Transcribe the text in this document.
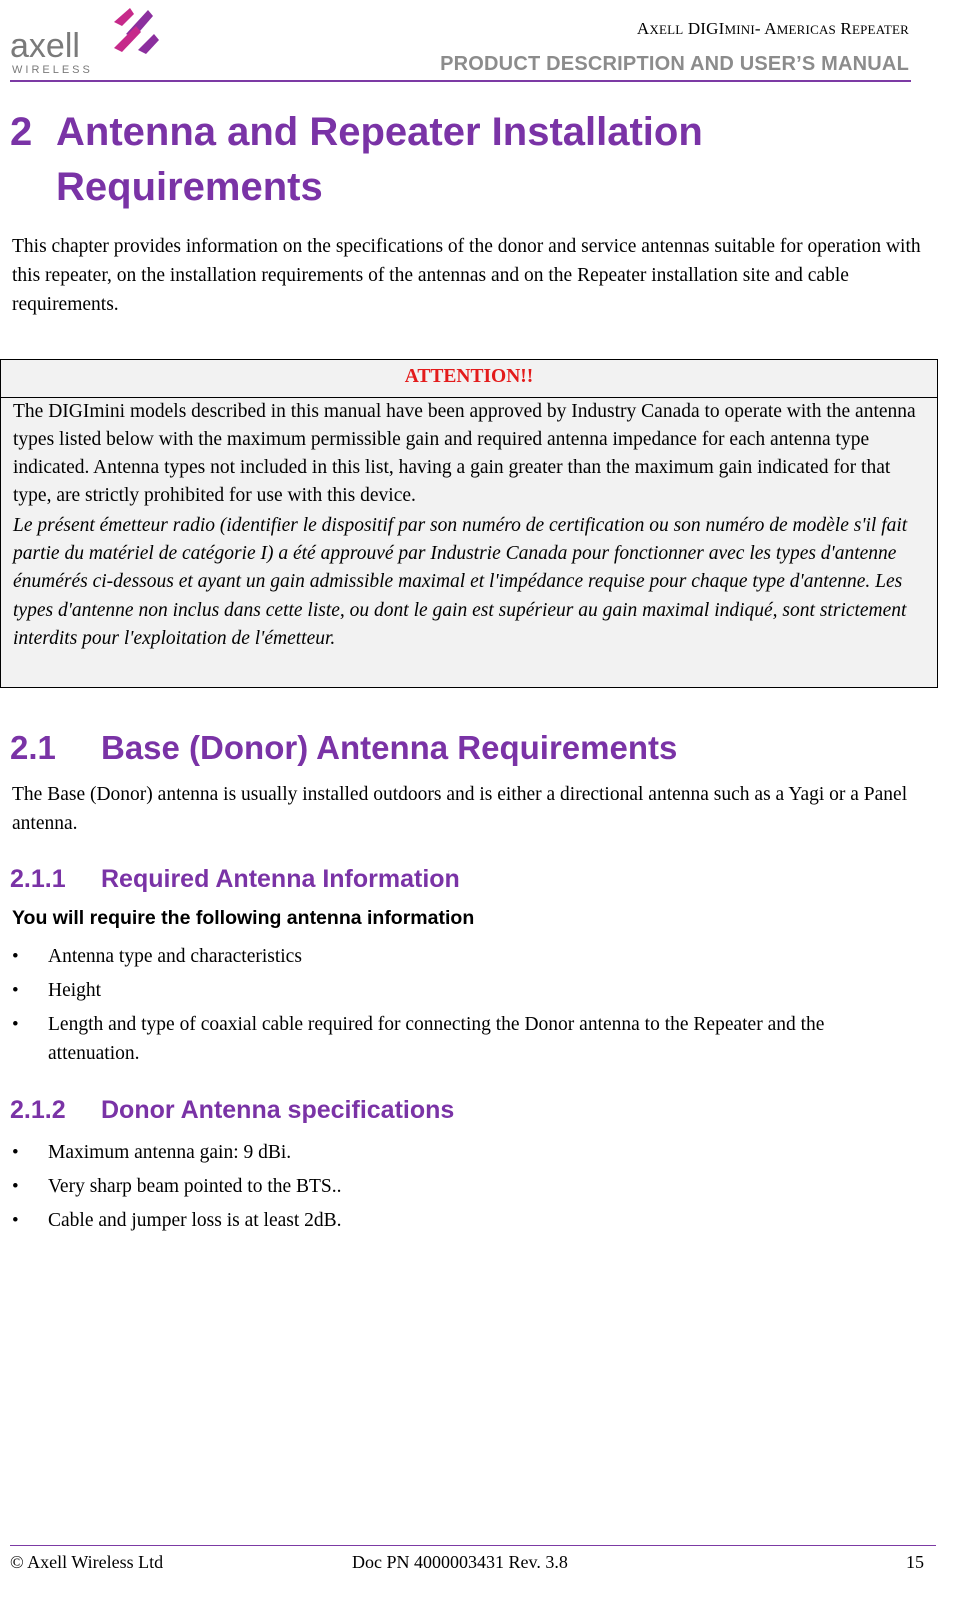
axell
WIRELESS
AXELL DIGIMINI- AMERICAS REPEATER
PRODUCT DESCRIPTION AND USER’S MANUAL
2 Antenna and Repeater Installation
Requirements
This chapter provides information on the specifications of the donor and service antennas suitable for operation with this repeater, on the installation requirements of the antennas and on the Repeater installation site and cable requirements.
ATTENTION!!
The DIGImini models described in this manual have been approved by Industry Canada to operate with the antenna types listed below with the maximum permissible gain and required antenna impedance for each antenna type indicated. Antenna types not included in this list, having a gain greater than the maximum gain indicated for that type, are strictly prohibited for use with this device.
Le présent émetteur radio (identifier le dispositif par son numéro de certification ou son numéro de modèle s'il fait partie du matériel de catégorie I) a été approuvé par Industrie Canada pour fonctionner avec les types d'antenne énumérés ci-dessous et ayant un gain admissible maximal et l'impédance requise pour chaque type d'antenne. Les types d'antenne non inclus dans cette liste, ou dont le gain est supérieur au gain maximal indiqué, sont strictement interdits pour l'exploitation de l'émetteur.
2.1 Base (Donor) Antenna Requirements
The Base (Donor) antenna is usually installed outdoors and is either a directional antenna such as a Yagi or a Panel antenna.
2.1.1 Required Antenna Information
You will require the following antenna information
• Antenna type and characteristics
• Height
• Length and type of coaxial cable required for connecting the Donor antenna to the Repeater and the attenuation.
2.1.2 Donor Antenna specifications
• Maximum antenna gain: 9 dBi.
• Very sharp beam pointed to the BTS..
• Cable and jumper loss is at least 2dB.
© Axell Wireless Ltd	Doc PN 4000003431 Rev. 3.8	15
